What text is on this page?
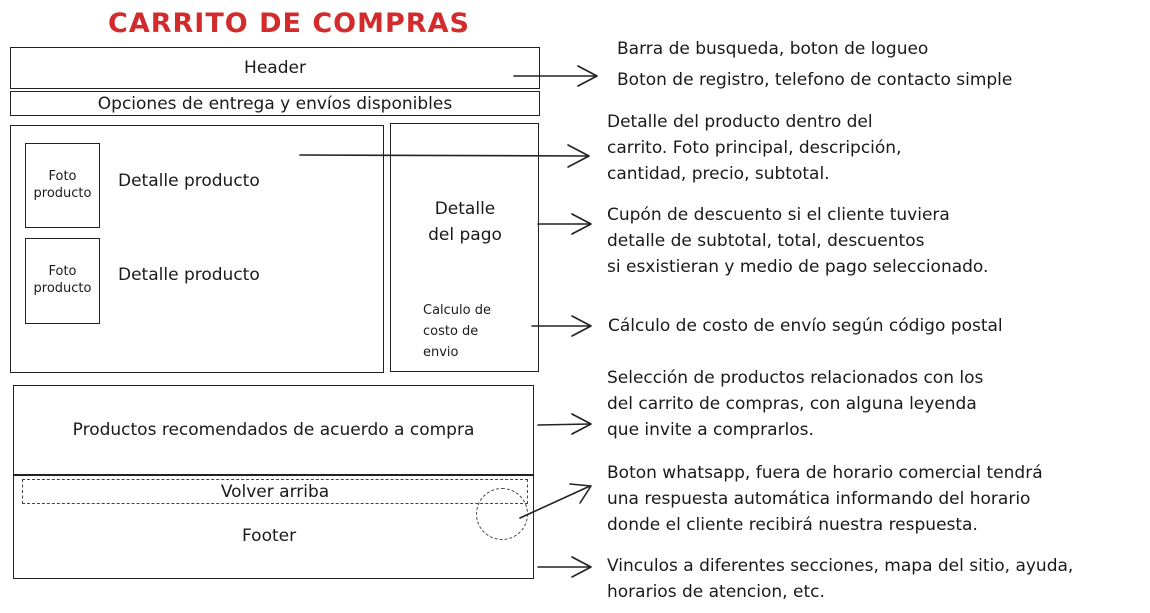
CARRITO DE COMPRAS
Header
Opciones de entrega y envíos disponibles
Foto
producto
Detalle producto
Foto
producto
Detalle producto
Detalle
del pago
Calculo de
costo de
envio
Productos recomendados de acuerdo a compra
Volver arriba
Footer
Barra de busqueda, boton de logueo
Boton de registro, telefono de contacto simple
Detalle del producto dentro del
carrito. Foto principal, descripción,
cantidad, precio, subtotal.
Cupón de descuento si el cliente tuviera
detalle de subtotal, total, descuentos
si esxistieran y medio de pago seleccionado.
Cálculo de costo de envío según código postal
Selección de productos relacionados con los
del carrito de compras, con alguna leyenda
que invite a comprarlos.
Boton whatsapp, fuera de horario comercial tendrá
una respuesta automática informando del horario
donde el cliente recibirá nuestra respuesta.
Vinculos a diferentes secciones, mapa del sitio, ayuda,
horarios de atencion, etc.
